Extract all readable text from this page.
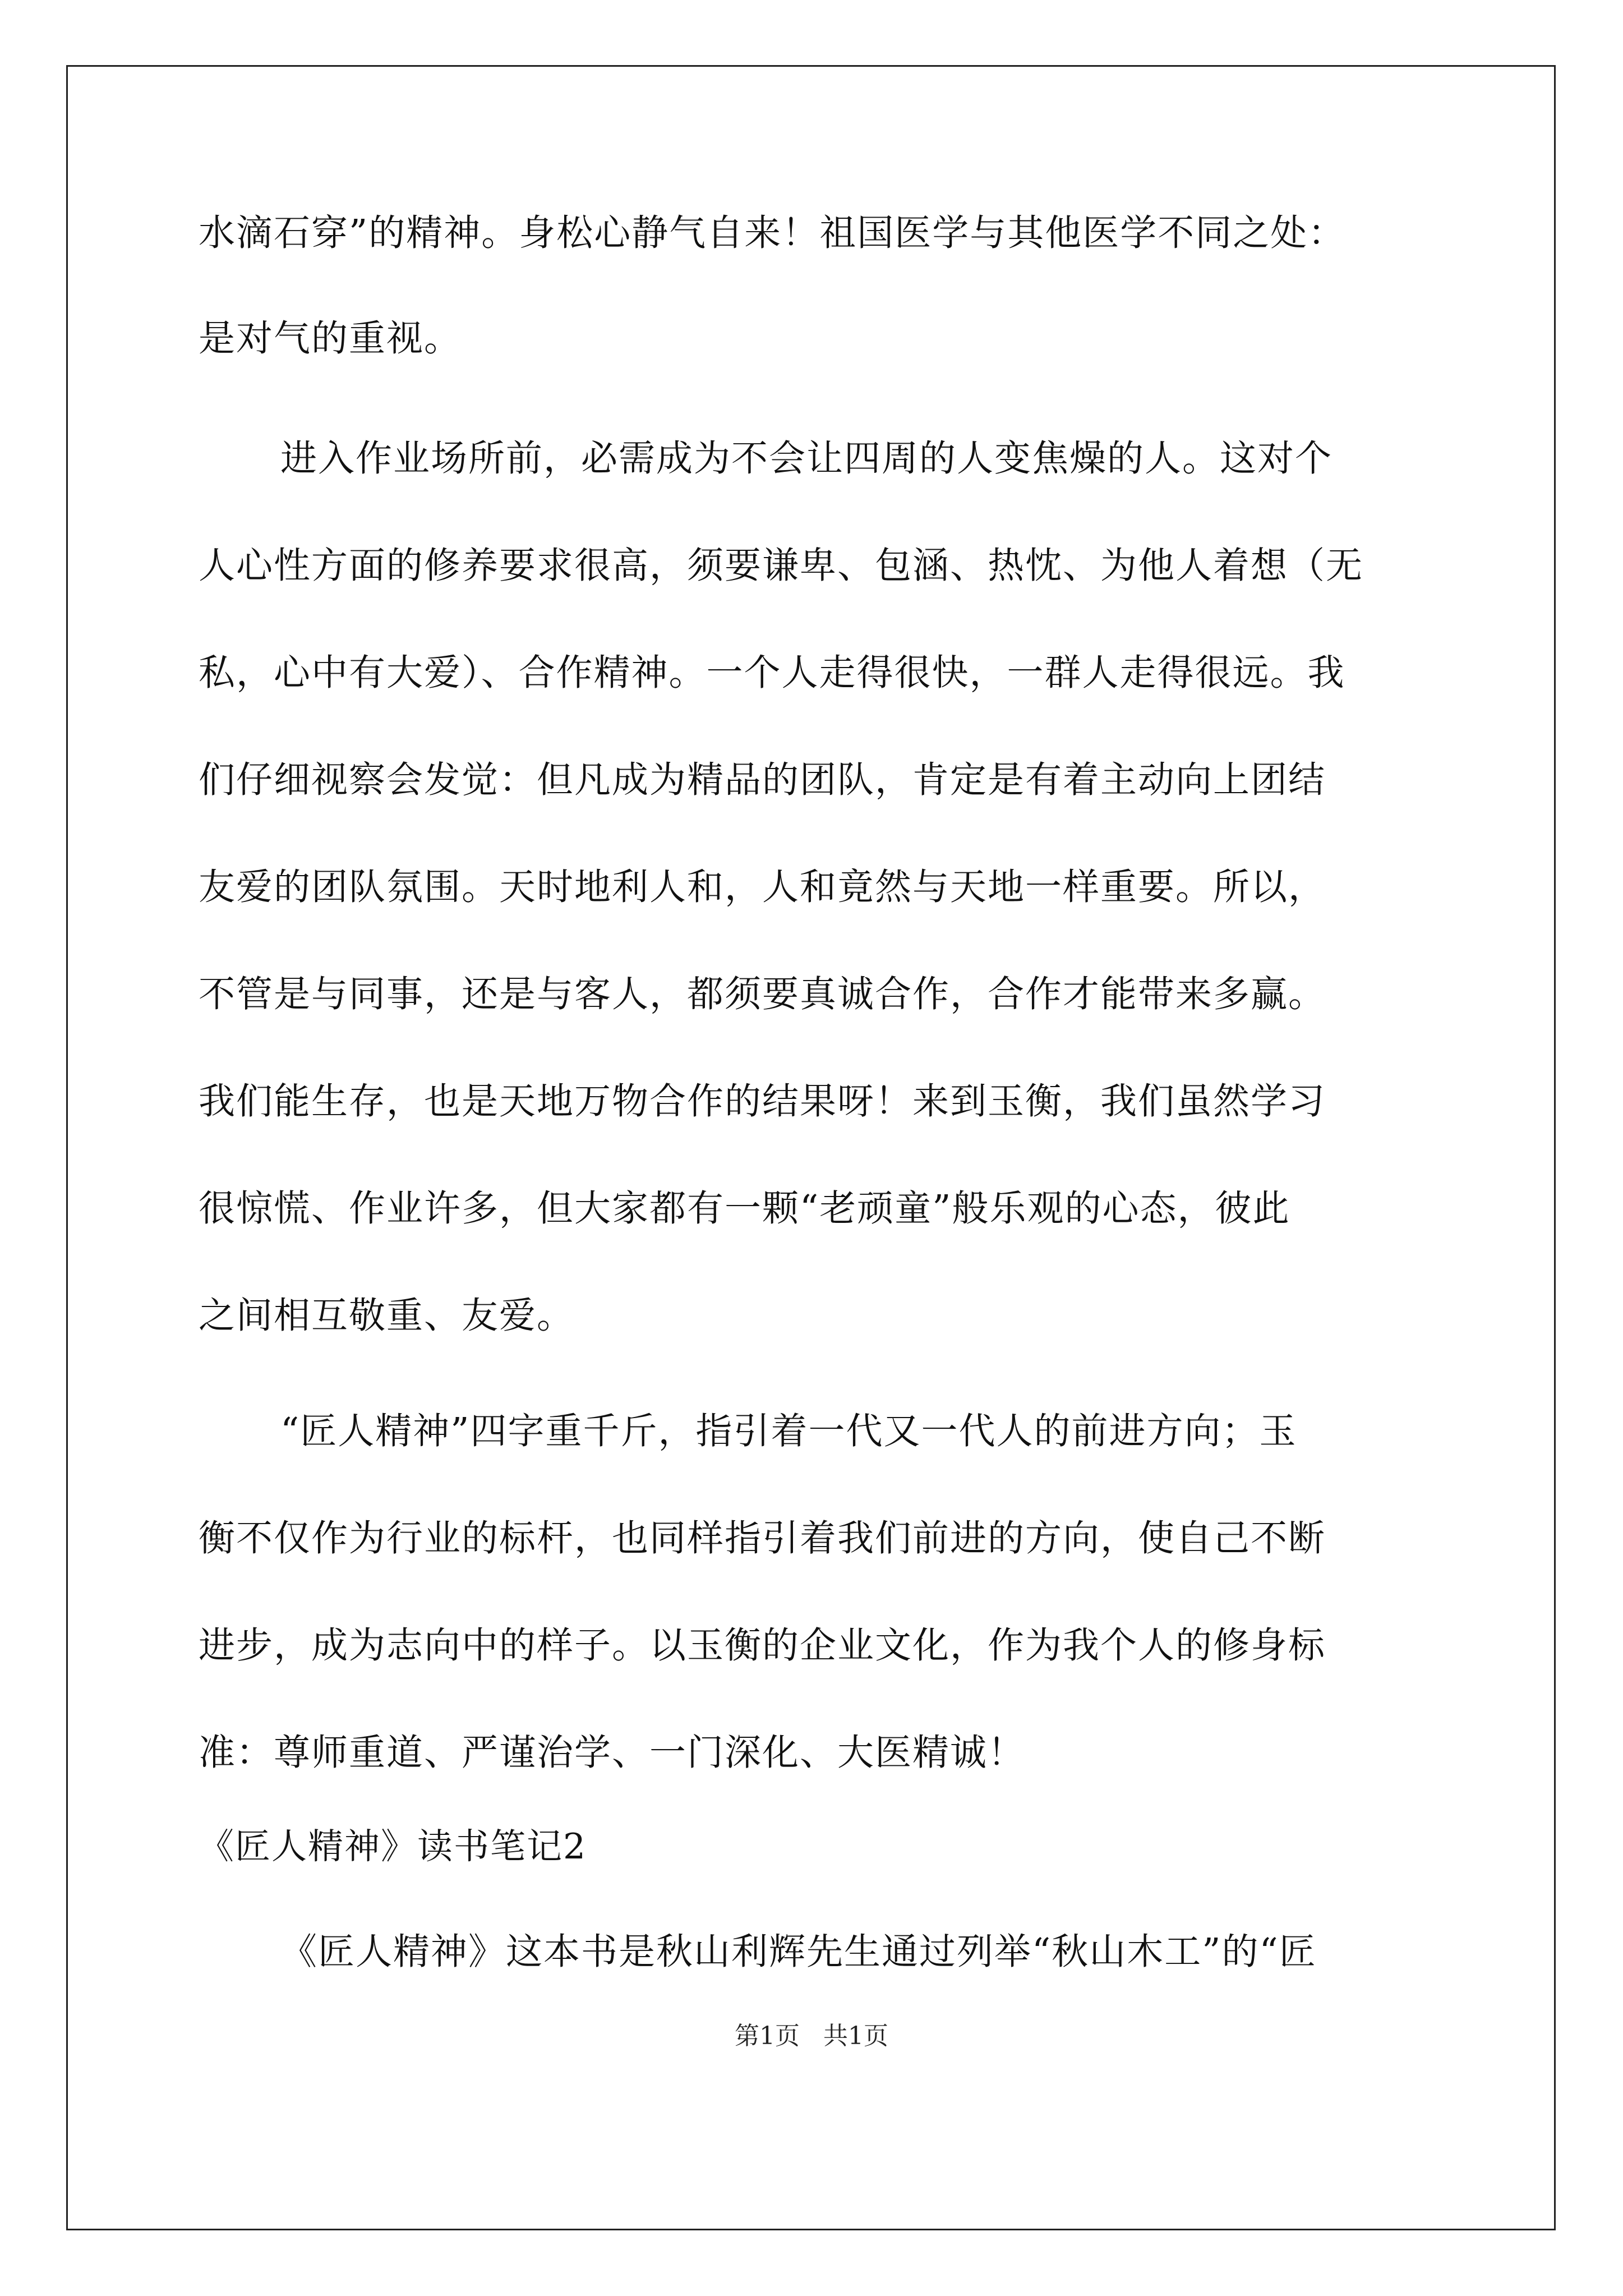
水滴石穿”的精神。身松心静气自来！祖国医学与其他医学不同之处：
是对气的重视。
进入作业场所前，必需成为不会让四周的人变焦燥的人。这对个
人心性方面的修养要求很高，须要谦卑、包涵、热忱、为他人着想（无
私，心中有大爱）、合作精神。一个人走得很快，一群人走得很远。我
们仔细视察会发觉：但凡成为精品的团队，肯定是有着主动向上团结
友爱的团队氛围。天时地利人和，人和竟然与天地一样重要。所以，
不管是与同事，还是与客人，都须要真诚合作，合作才能带来多赢。
我们能生存，也是天地万物合作的结果呀！来到玉衡，我们虽然学习
很惊慌、作业许多，但大家都有一颗“老顽童”般乐观的心态，彼此
之间相互敬重、友爱。
“匠人精神”四字重千斤，指引着一代又一代人的前进方向；玉
衡不仅作为行业的标杆，也同样指引着我们前进的方向，使自己不断
进步，成为志向中的样子。以玉衡的企业文化，作为我个人的修身标
准：尊师重道、严谨治学、一门深化、大医精诚！
《匠人精神》读书笔记2
《匠人精神》这本书是秋山利辉先生通过列举“秋山木工”的“匠
第1页 共1页
